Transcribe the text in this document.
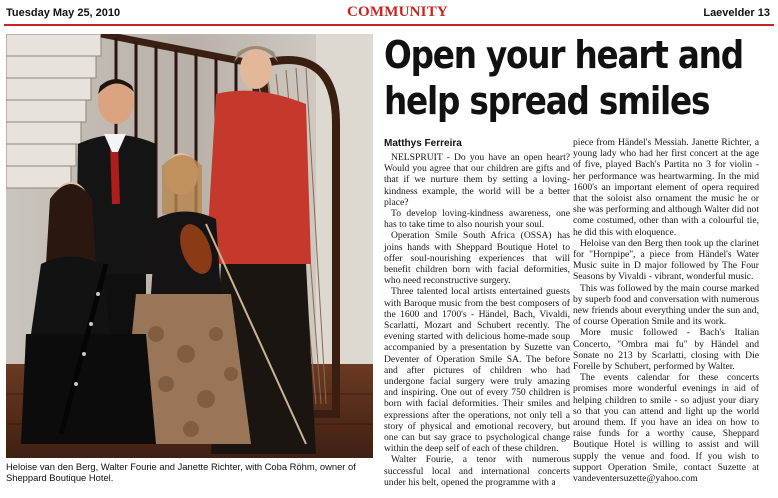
Tuesday May 25, 2010	COMMUNITY	Laevelder 13
Heloise van den Berg, Walter Fourie and Janette Richter, with Coba Röhm, owner of Sheppard Boutique Hotel.
Open your heart and
help spread smiles
Matthys Ferreira

NELSPRUIT - Do you have an open heart? Would you agree that our children are gifts and that if we nurture them by setting a loving-kindness example, the world will be a better place?

To develop loving-kindness awareness, one has to take time to also nourish your soul.

Operation Smile South Africa (OSSA) has joins hands with Sheppard Boutique Hotel to offer soul-nourishing experiences that will benefit children born with facial deformities, who need reconstructive surgery.

Three talented local artists entertained guests with Baroque music from the best composers of the 1600 and 1700's - Händel, Bach, Vivaldi, Scarlatti, Mozart and Schubert recently. The evening started with delicious home-made soup accompanied by a presentation by Suzette van Deventer of Operation Smile SA. The before and after pictures of children who had undergone facial surgery were truly amazing and inspiring. One out of every 750 children is born with facial deformities. Their smiles and expressions after the operations, not only tell a story of physical and emotional recovery, but one can but say grace to psychological change within the deep self of each of these children.

Walter Fourie, a tenor with numerous successful local and international concerts under his belt, opened the programme with a

piece from Händel's Messiah. Janette Richter, a young lady who had her first concert at the age of five, played Bach's Partita no 3 for violin - her performance was heartwarming. In the mid 1600's an important element of opera required that the soloist also ornament the music he or she was performing and although Walter did not come costumed, other than with a colourful tie, he did this with eloquence.

Heloise van den Berg then took up the clarinet for "Hornpipe", a piece from Händel's Water Music suite in D major followed by The Four Seasons by Vivaldi - vibrant, wonderful music.

This was followed by the main course marked by superb food and conversation with numerous new friends about everything under the sun and, of course Operation Smile and its work.

More music followed - Bach's Italian Concerto, "Ombra mai fu" by Händel and Sonate no 213 by Scarlatti, closing with Die Forelle by Schubert, performed by Walter.

The events calendar for these concerts promises more wonderful evenings in aid of helping children to smile - so adjust your diary so that you can attend and light up the world around them. If you have an idea on how to raise funds for a worthy cause, Sheppard Boutique Hotel is willing to assist and will supply the venue and food. If you wish to support Operation Smile, contact Suzette at vandeventersuzette@yahoo.com
